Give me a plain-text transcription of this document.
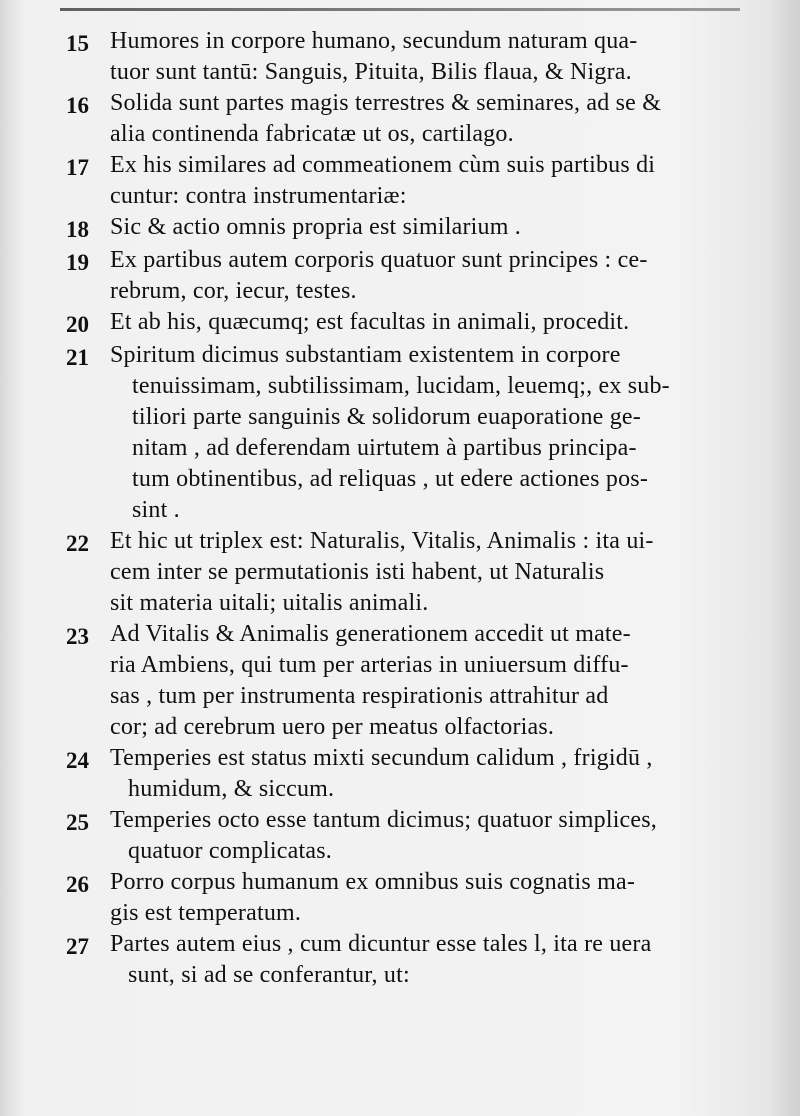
15 Humores in corpore humano, secundum naturam qua-
tuor sunt tantū: Sanguis, Pituita, Bilis flaua, & Nigra.
16 Solida sunt partes magis terrestres & seminares, ad se &
alia continenda fabricatæ ut os, cartilago.
17 Ex his similares ad commeationem cùm suis partibus di
cuntur: contra instrumentariæ:
18 Sic & actio omnis propria est similarium .
19 Ex partibus autem corporis quatuor sunt principes : ce-
rebrum, cor, iecur, testes.
20 Et ab his, quæcumq; est facultas in animali, procedit.
21 Spiritum dicimus substantiam existentem in corpore
tenuissimam, subtilissimam, lucidam, leuemq;, ex sub-
tiliori parte sanguinis & solidorum euaporatione ge-
nitam , ad deferendam uirtutem à partibus principa-
tum obtinentibus, ad reliquas , ut edere actiones pos-
sint .
22 Et hic ut triplex est: Naturalis, Vitalis, Animalis : ita ui-
cem inter se permutationis isti habent, ut Naturalis
sit materia uitali; uitalis animali.
23 Ad Vitalis & Animalis generationem accedit ut mate-
ria Ambiens, qui tum per arterias in uniuersum diffu-
sas , tum per instrumenta respirationis attrahitur ad
cor; ad cerebrum uero per meatus olfactorias.
24 Temperies est status mixti secundum calidum , frigidū ,
humidum, & siccum.
25 Temperies octo esse tantum dicimus; quatuor simplices,
quatuor complicatas.
26 Porro corpus humanum ex omnibus suis cognatis ma-
gis est temperatum.
27 Partes autem eius , cum dicuntur esse tales l, ita re uera
sunt, si ad se conferantur, ut:
